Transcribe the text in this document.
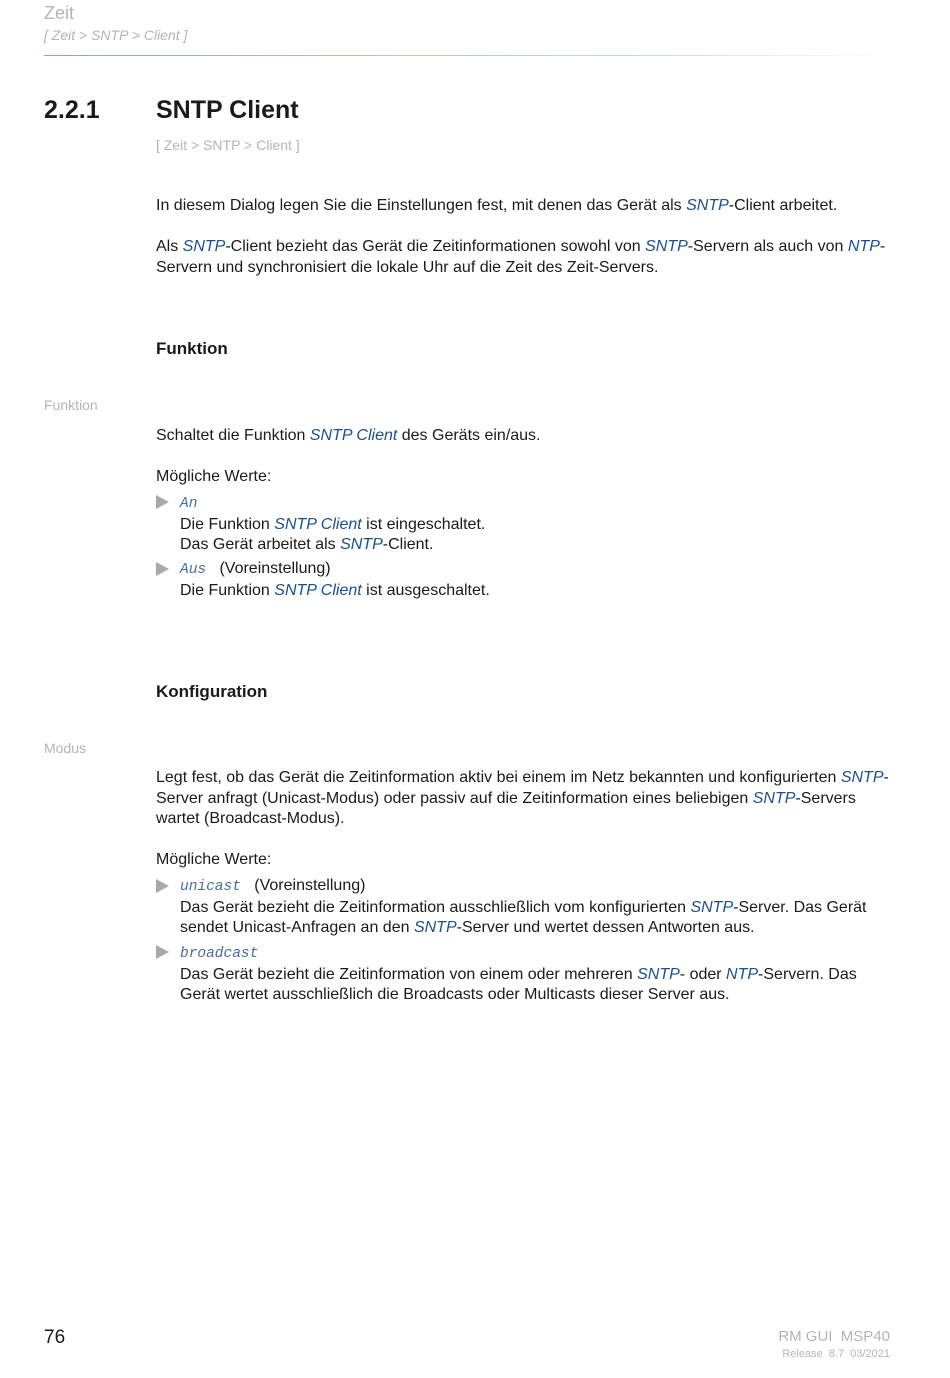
Zeit
[ Zeit > SNTP > Client ]
2.2.1 SNTP Client
[ Zeit > SNTP > Client ]
In diesem Dialog legen Sie die Einstellungen fest, mit denen das Gerät als SNTP-Client arbeitet.
Als SNTP-Client bezieht das Gerät die Zeitinformationen sowohl von SNTP-Servern als auch von NTP-Servern und synchronisiert die lokale Uhr auf die Zeit des Zeit-Servers.
Funktion
Funktion
Schaltet die Funktion SNTP Client des Geräts ein/aus.
Mögliche Werte:
An
Die Funktion SNTP Client ist eingeschaltet.
Das Gerät arbeitet als SNTP-Client.
Aus (Voreinstellung)
Die Funktion SNTP Client ist ausgeschaltet.
Konfiguration
Modus
Legt fest, ob das Gerät die Zeitinformation aktiv bei einem im Netz bekannten und konfigurierten SNTP-Server anfragt (Unicast-Modus) oder passiv auf die Zeitinformation eines beliebigen SNTP-Servers wartet (Broadcast-Modus).
Mögliche Werte:
unicast (Voreinstellung)
Das Gerät bezieht die Zeitinformation ausschließlich vom konfigurierten SNTP-Server. Das Gerät sendet Unicast-Anfragen an den SNTP-Server und wertet dessen Antworten aus.
broadcast
Das Gerät bezieht die Zeitinformation von einem oder mehreren SNTP- oder NTP-Servern. Das Gerät wertet ausschließlich die Broadcasts oder Multicasts dieser Server aus.
76	RM GUI  MSP40
Release  8.7  03/2021
